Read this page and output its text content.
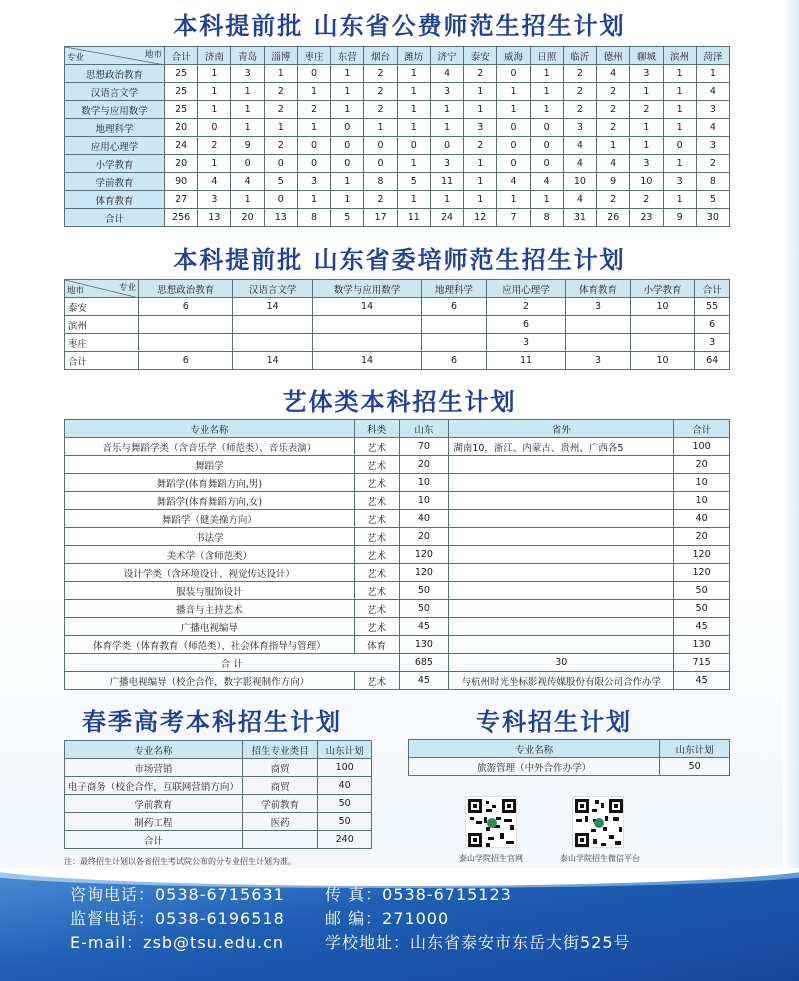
本科提前批 山东省公费师范生招生计划
地市
专业	合计	济南	青岛	淄博	枣庄	东营	烟台	潍坊	济宁	泰安	威海	日照	临沂	德州	聊城	滨州	菏泽
思想政治教育	25	1	3	1	0	1	2	1	4	2	0	1	2	4	3	1	1
汉语言文学	25	1	1	2	1	1	2	1	3	1	1	1	2	2	1	1	4
数学与应用数学	25	1	1	2	2	1	2	1	1	1	1	1	2	2	2	1	3
地理科学	20	0	1	1	1	0	1	1	1	3	0	0	3	2	1	1	4
应用心理学	24	2	9	2	0	0	0	0	0	2	0	0	4	1	1	0	3
小学教育	20	1	0	0	0	0	0	1	3	1	0	0	4	4	3	1	2
学前教育	90	4	4	5	3	1	8	5	11	1	4	4	10	9	10	3	8
体育教育	27	3	1	0	1	1	2	1	1	1	1	1	4	2	2	1	5
合计	256	13	20	13	8	5	17	11	24	12	7	8	31	26	23	9	30
本科提前批 山东省委培师范生招生计划
专业
地市	思想政治教育	汉语言文学	数学与应用数学	地理科学	应用心理学	体育教育	小学教育	合计
泰安	6	14	14	6	2	3	10	55
滨州					6			6
枣庄					3			3
合计	6	14	14	6	11	3	10	64
艺体类本科招生计划
专业名称	科类	山东	省外	合计
音乐与舞蹈学类（含音乐学（师范类）、音乐表演）	艺术	70	湖南10，浙江、内蒙古、贵州、广西各5	100
舞蹈学	艺术	20		20
舞蹈学(体育舞蹈方向,男)	艺术	10		10
舞蹈学(体育舞蹈方向,女)	艺术	10		10
舞蹈学（健美操方向）	艺术	40		40
书法学	艺术	20		20
美术学（含师范类）	艺术	120		120
设计学类（含环境设计、视觉传达设计）	艺术	120		120
服装与服饰设计	艺术	50		50
播音与主持艺术	艺术	50		50
广播电视编导	艺术	45		45
体育学类（体育教育（师范类）、社会体育指导与管理）	体育	130		130
合 计		685	30	715
广播电视编导（校企合作，数字影视制作方向）	艺术	45	与杭州时光坐标影视传媒股份有限公司合作办学	45
春季高考本科招生计划
专业名称	招生专业类目	山东计划
市场营销	商贸	100
电子商务（校企合作，互联网营销方向）	商贸	40
学前教育	学前教育	50
制药工程	医药	50
合计		240
专科招生计划
专业名称	山东计划
旅游管理（中外合作办学）	50
泰山学院招生官网	泰山学院招生微信平台
注：最终招生计划以各省招生考试院公布的分专业招生计划为准。
咨询电话：0538-6715631	传 真：0538-6715123
监督电话：0538-6196518	邮 编：271000
E-mail：zsb@tsu.edu.cn	学校地址：山东省泰安市东岳大街525号
